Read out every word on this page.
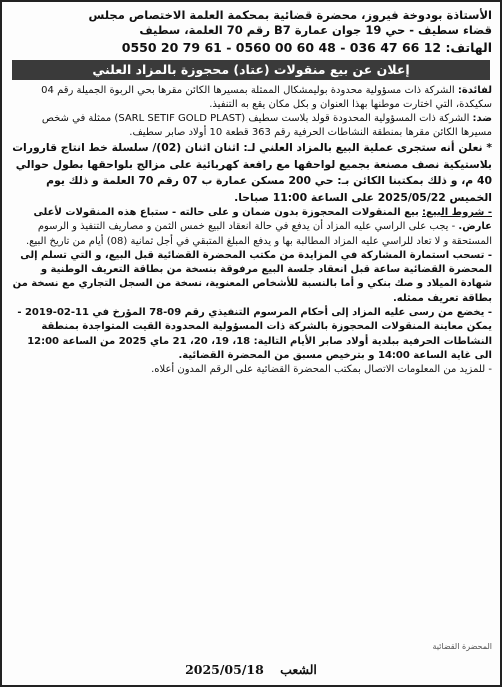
الأستاذة بودوخة فيروز، محضرة قضائية بمحكمة العلمة الاختصاص مجلس

قضاء سطيف - حي 19 جوان عمارة B7 رقم 70 العلمة، سطيف

الهاتف: 12 66 47 036 - 48 60 00 0560 - 61 79 20 0550

إعلان عن بيع منقولات (عتاد) محجوزة بالمزاد العلني

لفائدة: الشركة ذات مسؤولية محدودة بوليمشكال الممثلة بمسيرها الكائن مقرها بحي الربوة الجميلة رقم 04 سكيكدة، التي اختارت موطنها بهذا العنوان و بكل مكان يقع به التنفيذ.

ضد: الشركة ذات المسؤولية المحدودة قولد بلاست سطيف (SARL SETIF GOLD PLAST) ممثلة في شخص مسيرها الكائن مقرها بمنطقة النشاطات الحرفية رقم 363 قطعة 10 أولاد صابر سطيف.

* نعلن أنه ستجرى عملية البيع بالمزاد العلني لـ: اثنان اثنان (02)/ سلسلة خط انتاج قارورات بلاستيكية نصف مصنعة بجميع لواحقها مع رافعة كهربائية على مزالج بلواحقها بطول حوالي 40 م، و ذلك بمكتبنا الكائن بـ: حي 200 مسكن عمارة ب 07 رقم 70 العلمة و ذلك يوم الخميس 2025/05/22 على الساعة 11:00 صباحا.

- شروط البيع: بيع المنقولات المحجوزة بدون ضمان و على حالته - ستباع هذه المنقولات لأعلى عارض. - يجب على الراسي عليه المزاد أن يدفع في حالة انعقاد البيع خمس الثمن و مصاريف التنفيذ و الرسوم المستحقة و لا تعاد للراسي عليه المزاد المطالبة بها و يدفع المبلغ المتبقي في أجل ثمانية (08) أيام من تاريخ البيع.

- تسحب استمارة المشاركة في المزايدة من مكتب المحضرة القضائية قبل البيع، و التي تسلم إلى المحضرة القضائية ساعة قبل انعقاد جلسة البيع مرفوقة بنسخة من بطاقة التعريف الوطنية و شهادة الميلاد و صك بنكي و أما بالنسبة للأشخاص المعنوية، نسخة من السجل التجاري مع نسخة من بطاقة تعريف ممثله.

- يخضع من رسى عليه المزاد إلى أحكام المرسوم التنفيذي رقم 09-78 المؤرخ في 11-02-2019 - يمكن معاينة المنقولات المحجوزة بالشركة ذات المسؤولية المحدودة القيت المتواجدة بمنطقة النشاطات الحرفية ببلدية أولاد صابر الأيام التالية: 18، 19، 20، 21 ماي 2025 من الساعة 12:00 الى غاية الساعة 14:00 و بترخيص مسبق من المحضرة القضائية.

- للمزيد من المعلومات الاتصال بمكتب المحضرة القضائية على الرقم المدون أعلاه.

المحضرة القضائية
الشعب 2025/05/18
